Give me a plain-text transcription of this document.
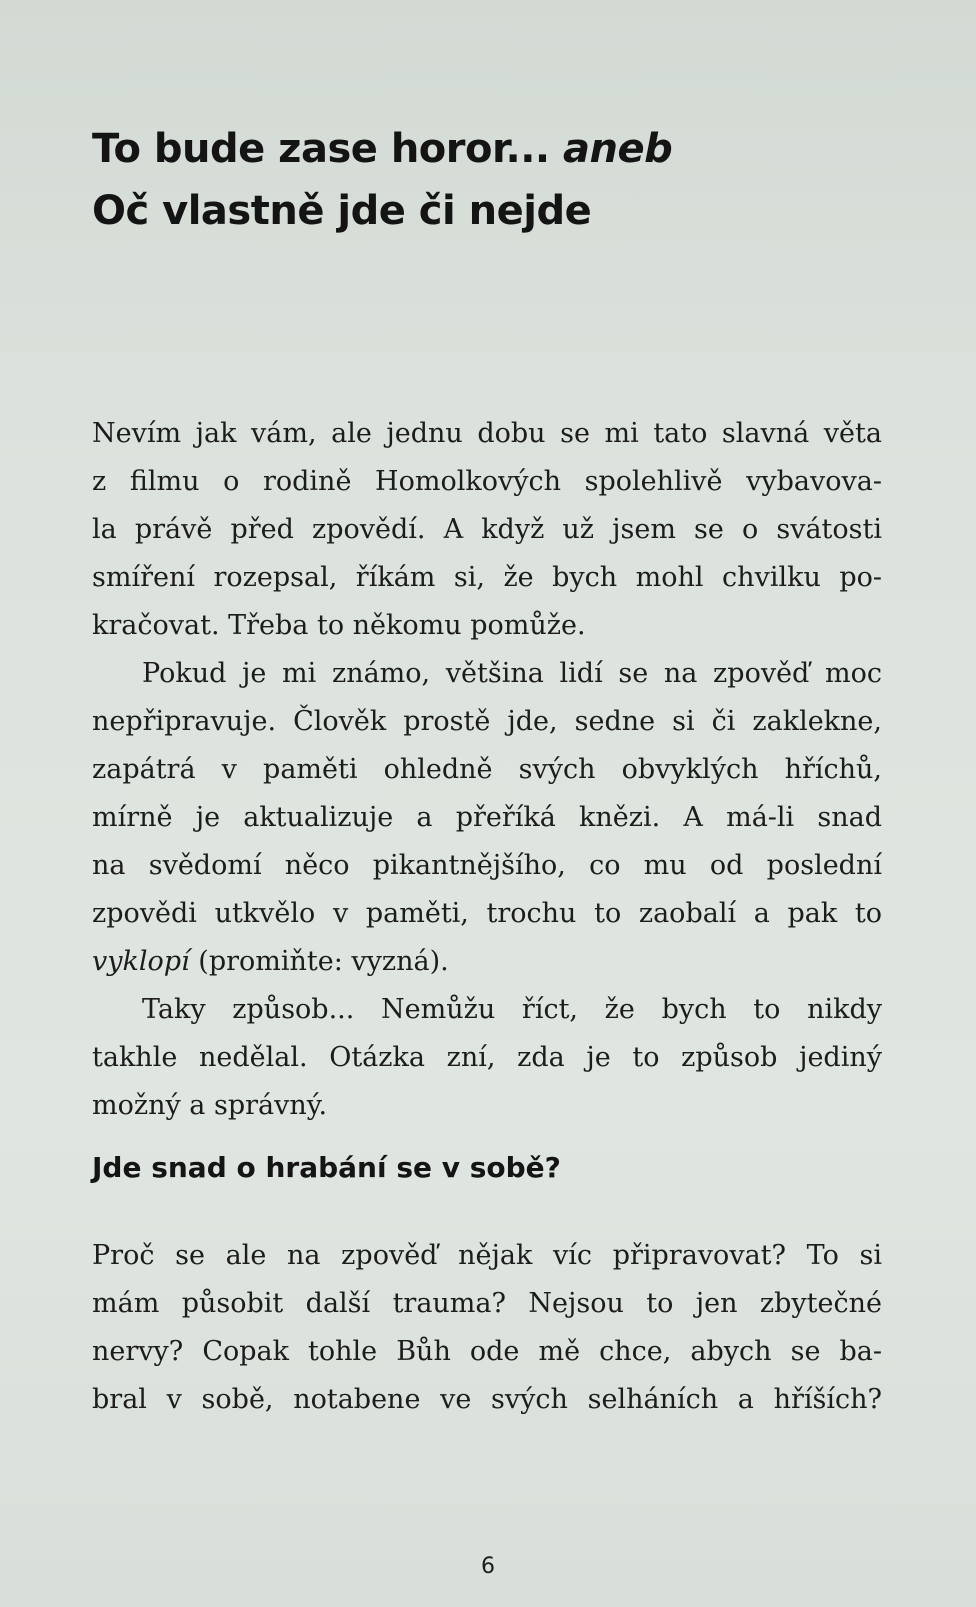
To bude zase horor... aneb
Oč vlastně jde či nejde
Nevím jak vám, ale jednu dobu se mi tato slavná věta
z filmu o rodině Homolkových spolehlivě vybavova-
la právě před zpovědí. A když už jsem se o svátosti
smíření rozepsal, říkám si, že bych mohl chvilku po-
kračovat. Třeba to někomu pomůže.
Pokud je mi známo, většina lidí se na zpověď moc
nepřipravuje. Člověk prostě jde, sedne si či zaklekne,
zapátrá v paměti ohledně svých obvyklých hříchů,
mírně je aktualizuje a přeříká knězi. A má-li snad
na svědomí něco pikantnějšího, co mu od poslední
zpovědi utkvělo v paměti, trochu to zaobalí a pak to
vyklopí (promiňte: vyzná).
Taky způsob... Nemůžu říct, že bych to nikdy
takhle nedělal. Otázka zní, zda je to způsob jediný
možný a správný.
Jde snad o hrabání se v sobě?
Proč se ale na zpověď nějak víc připravovat? To si
mám působit další trauma? Nejsou to jen zbytečné
nervy? Copak tohle Bůh ode mě chce, abych se ba-
bral v sobě, notabene ve svých selháních a hříších?
6
